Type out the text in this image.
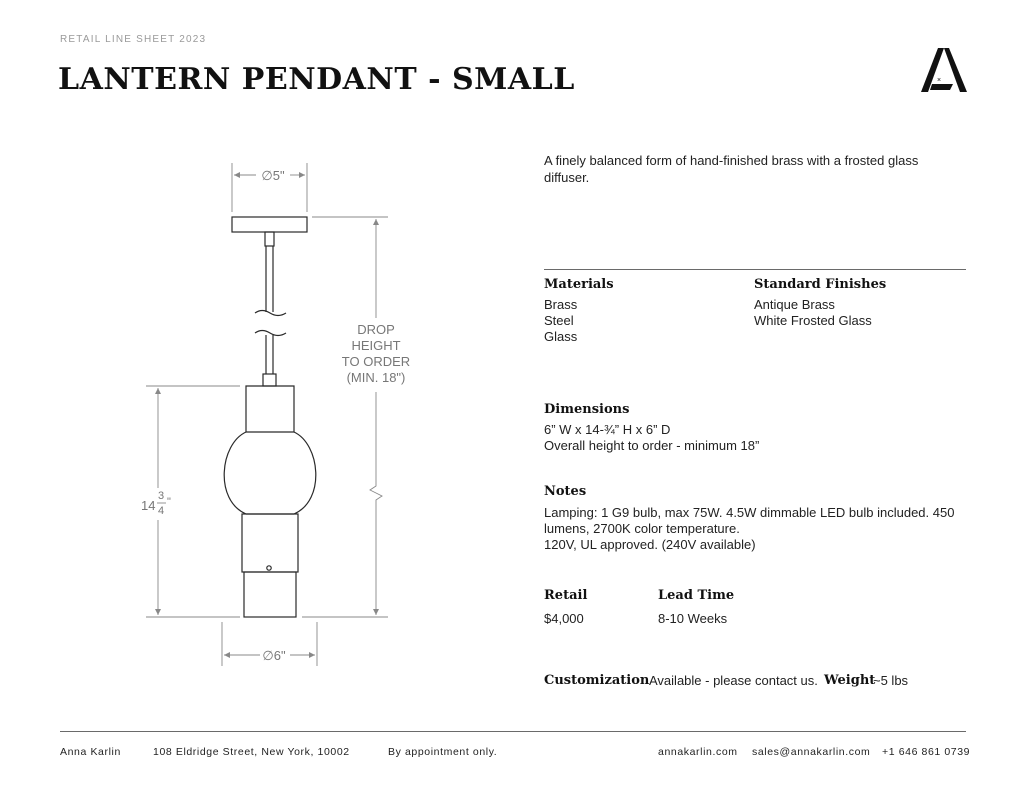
RETAIL LINE SHEET 2023
LANTERN PENDANT - SMALL	×
∅5"
DROP
HEIGHT
TO ORDER
(MIN. 18")
14
3
4
"
∅6"
A finely balanced form of hand-finished brass with a frosted glass diffuser.
Materials
Brass
Steel
Glass
Standard Finishes
Antique Brass
White Frosted Glass
Dimensions
6” W x 14-¾” H x 6” D
Overall height to order - minimum 18”
Notes
Lamping: 1 G9 bulb, max 75W. 4.5W dimmable LED bulb included. 450 lumens, 2700K color temperature.
120V, UL approved. (240V available)
Retail
$4,000
Lead Time
8-10 Weeks
Customization Available - please contact us. Weight
~5 lbs
Anna Karlin	108 Eldridge Street, New York, 10002	By appointment only.	annakarlin.com sales@annakarlin.com +1 646 861 0739
